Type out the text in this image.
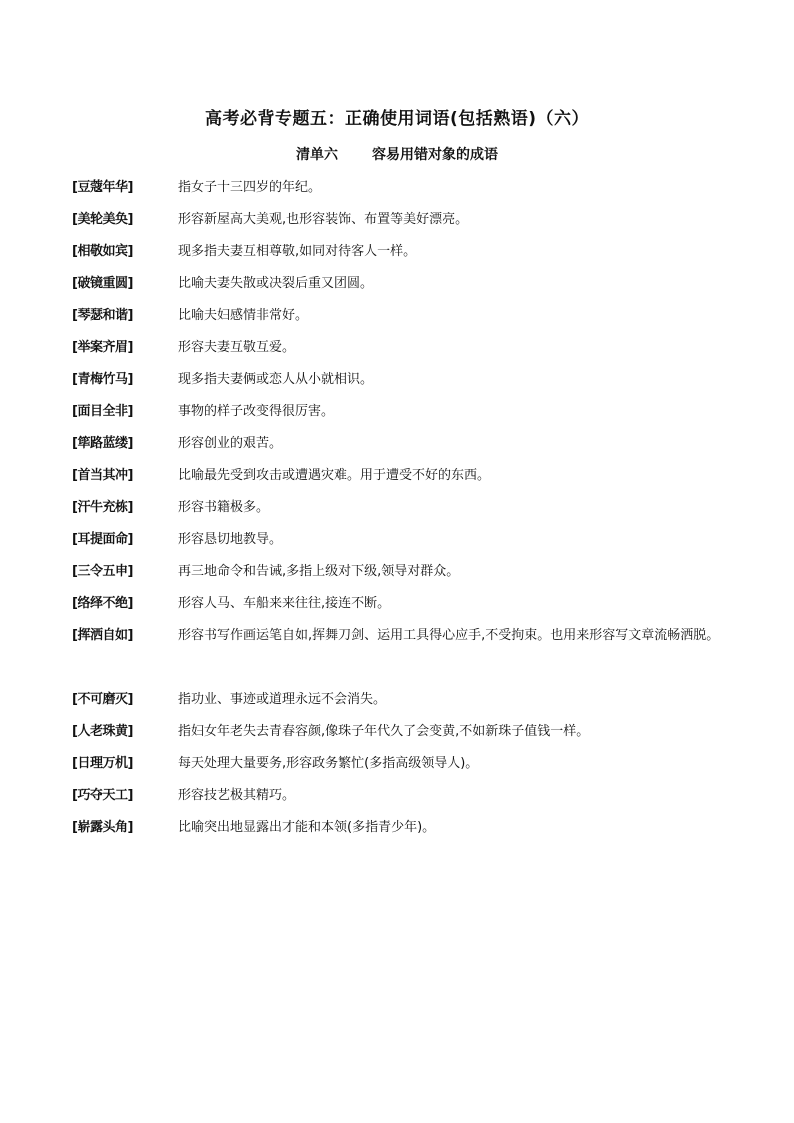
高考必背专题五：正确使用词语(包括熟语)（六）
清单六 容易用错对象的成语
[豆蔻年华]	指女子十三四岁的年纪。
[美轮美奂]	形容新屋高大美观,也形容装饰、布置等美好漂亮。
[相敬如宾]	现多指夫妻互相尊敬,如同对待客人一样。
[破镜重圆]	比喻夫妻失散或决裂后重又团圆。
[琴瑟和谐]	比喻夫妇感情非常好。
[举案齐眉]	形容夫妻互敬互爱。
[青梅竹马]	现多指夫妻俩或恋人从小就相识。
[面目全非]	事物的样子改变得很厉害。
[筚路蓝缕]	形容创业的艰苦。
[首当其冲]	比喻最先受到攻击或遭遇灾难。用于遭受不好的东西。
[汗牛充栋]	形容书籍极多。
[耳提面命]	形容恳切地教导。
[三令五申]	再三地命令和告诫,多指上级对下级,领导对群众。
[络绎不绝]	形容人马、车船来来往往,接连不断。
[挥洒自如]	形容书写作画运笔自如,挥舞刀剑、运用工具得心应手,不受拘束。也用来形容写文章流畅洒脱。
[不可磨灭]	指功业、事迹或道理永远不会消失。
[人老珠黄]	指妇女年老失去青春容颜,像珠子年代久了会变黄,不如新珠子值钱一样。
[日理万机]	每天处理大量要务,形容政务繁忙(多指高级领导人)。
[巧夺天工]	形容技艺极其精巧。
[崭露头角]	比喻突出地显露出才能和本领(多指青少年)。
